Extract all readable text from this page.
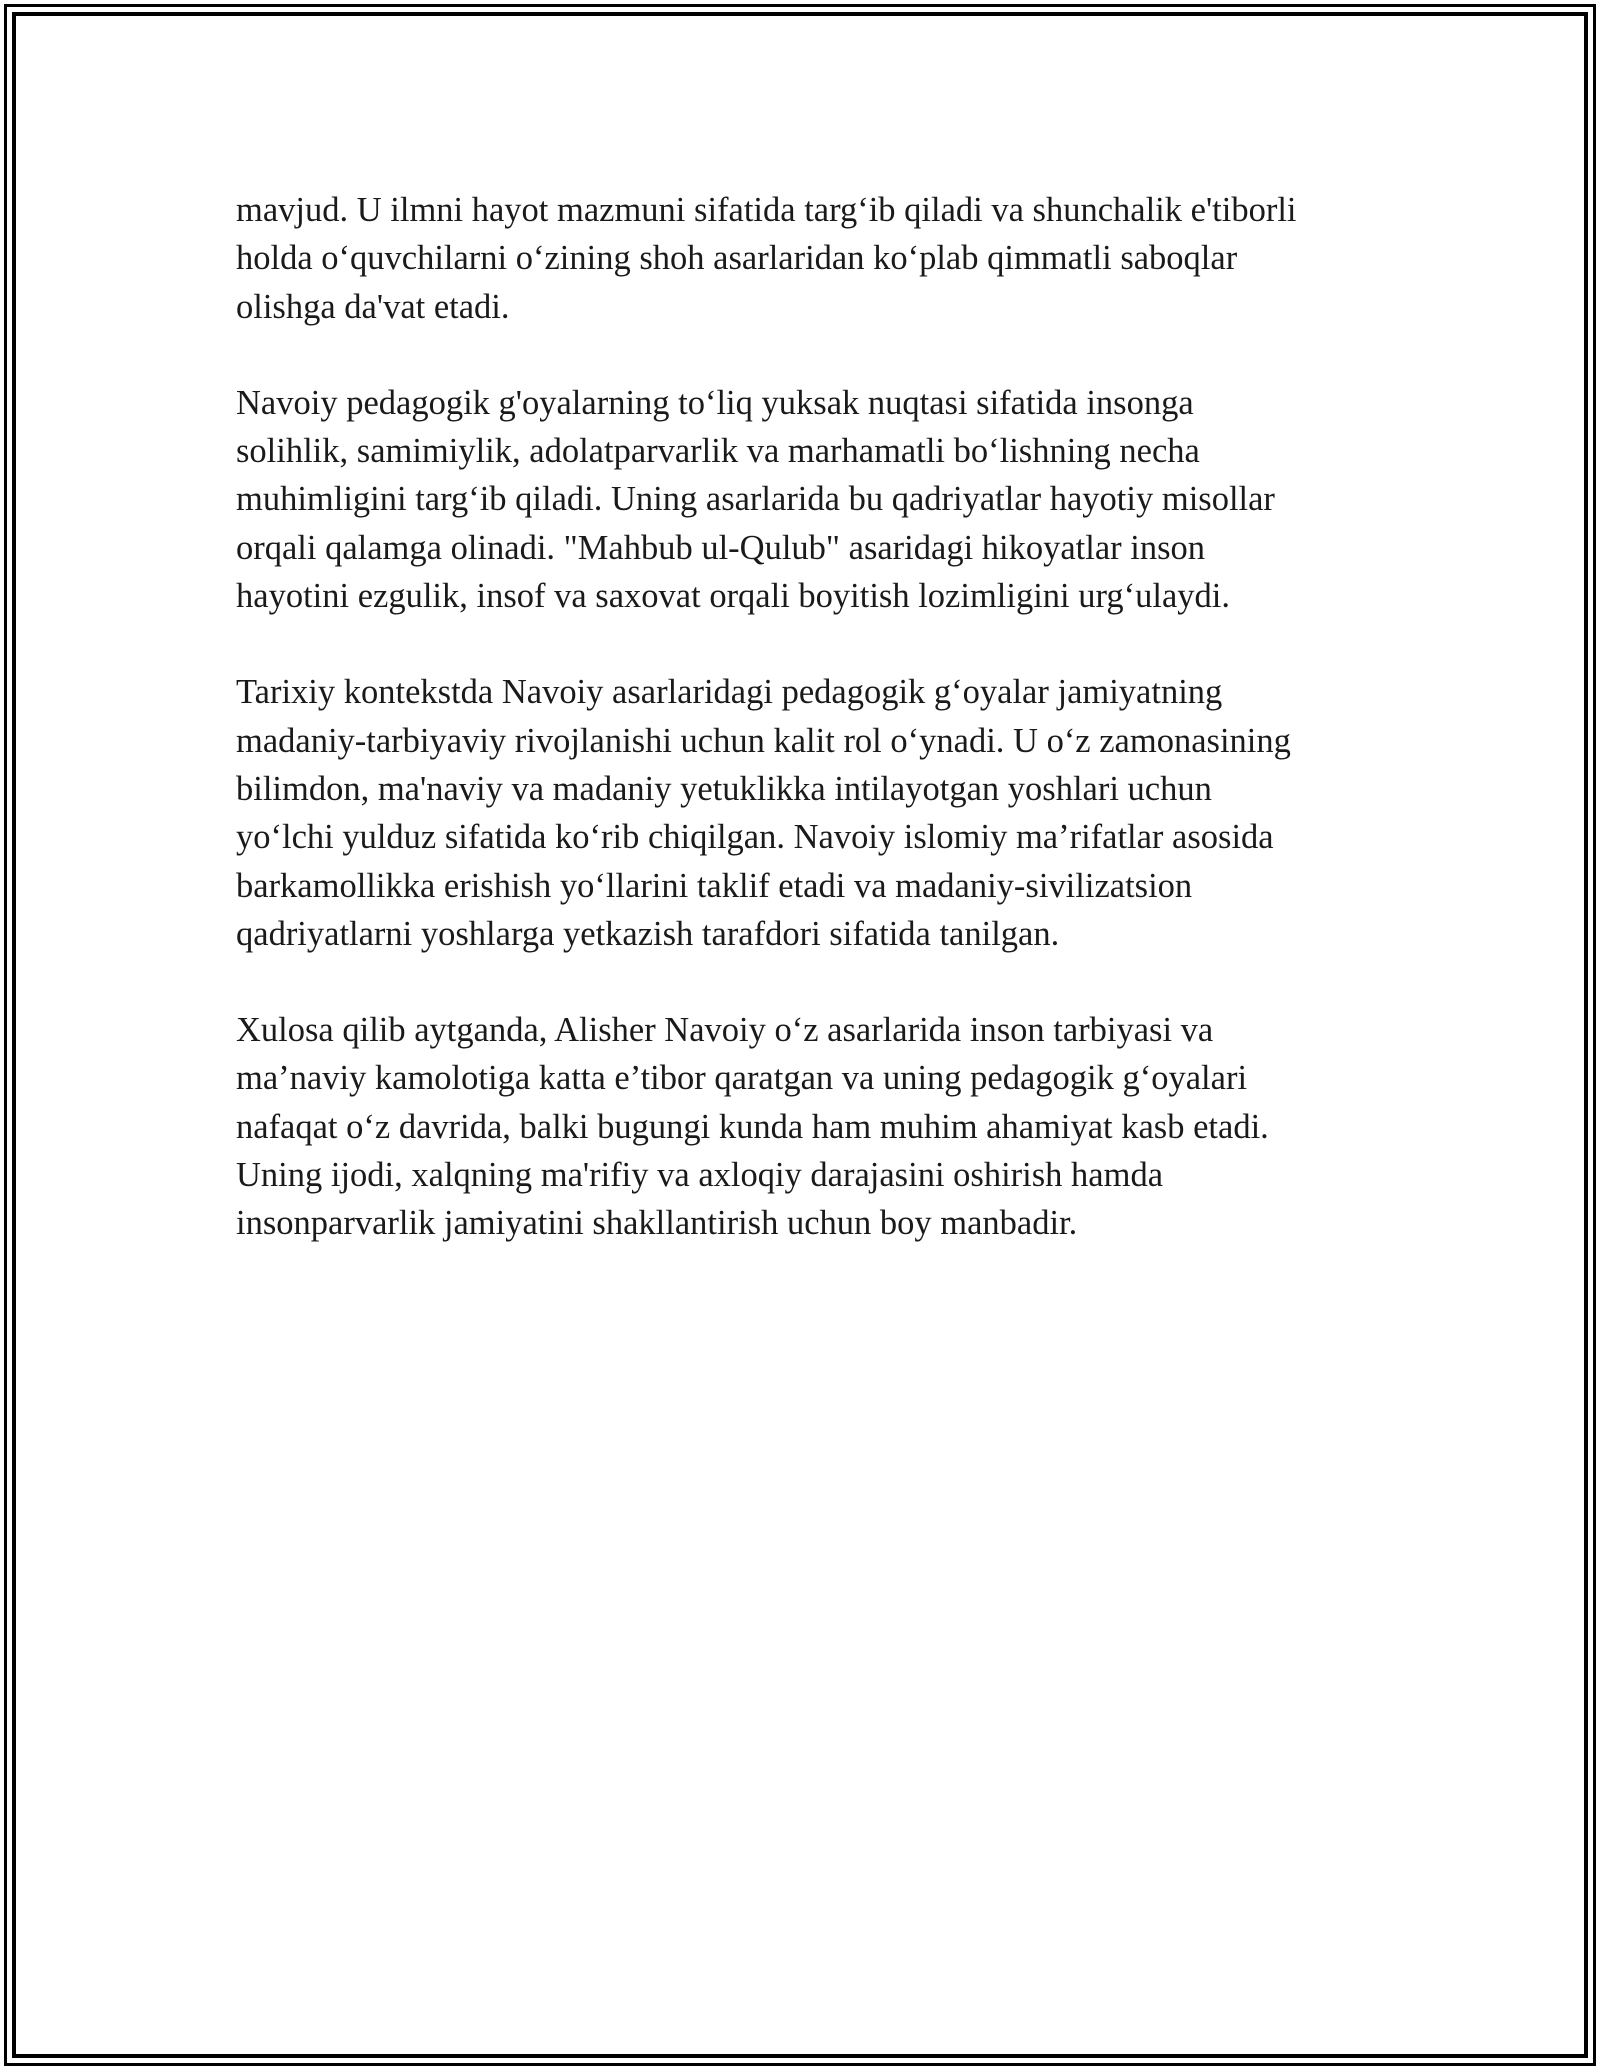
mavjud. U ilmni hayot mazmuni sifatida targ‘ib qiladi va shunchalik e'tiborli
holda o‘quvchilarni o‘zining shoh asarlaridan ko‘plab qimmatli saboqlar
olishga da'vat etadi.

Navoiy pedagogik g'oyalarning to‘liq yuksak nuqtasi sifatida insonga
solihlik, samimiylik, adolatparvarlik va marhamatli bo‘lishning necha
muhimligini targ‘ib qiladi. Uning asarlarida bu qadriyatlar hayotiy misollar
orqali qalamga olinadi. "Mahbub ul-Qulub" asaridagi hikoyatlar inson
hayotini ezgulik, insof va saxovat orqali boyitish lozimligini urg‘ulaydi.

Tarixiy kontekstda Navoiy asarlaridagi pedagogik g‘oyalar jamiyatning
madaniy-tarbiyaviy rivojlanishi uchun kalit rol o‘ynadi. U o‘z zamonasining
bilimdon, ma'naviy va madaniy yetuklikka intilayotgan yoshlari uchun
yo‘lchi yulduz sifatida ko‘rib chiqilgan. Navoiy islomiy ma’rifatlar asosida
barkamollikka erishish yo‘llarini taklif etadi va madaniy-sivilizatsion
qadriyatlarni yoshlarga yetkazish tarafdori sifatida tanilgan.

Xulosa qilib aytganda, Alisher Navoiy o‘z asarlarida inson tarbiyasi va
ma’naviy kamolotiga katta e’tibor qaratgan va uning pedagogik g‘oyalari
nafaqat o‘z davrida, balki bugungi kunda ham muhim ahamiyat kasb etadi.
Uning ijodi, xalqning ma'rifiy va axloqiy darajasini oshirish hamda
insonparvarlik jamiyatini shakllantirish uchun boy manbadir.
